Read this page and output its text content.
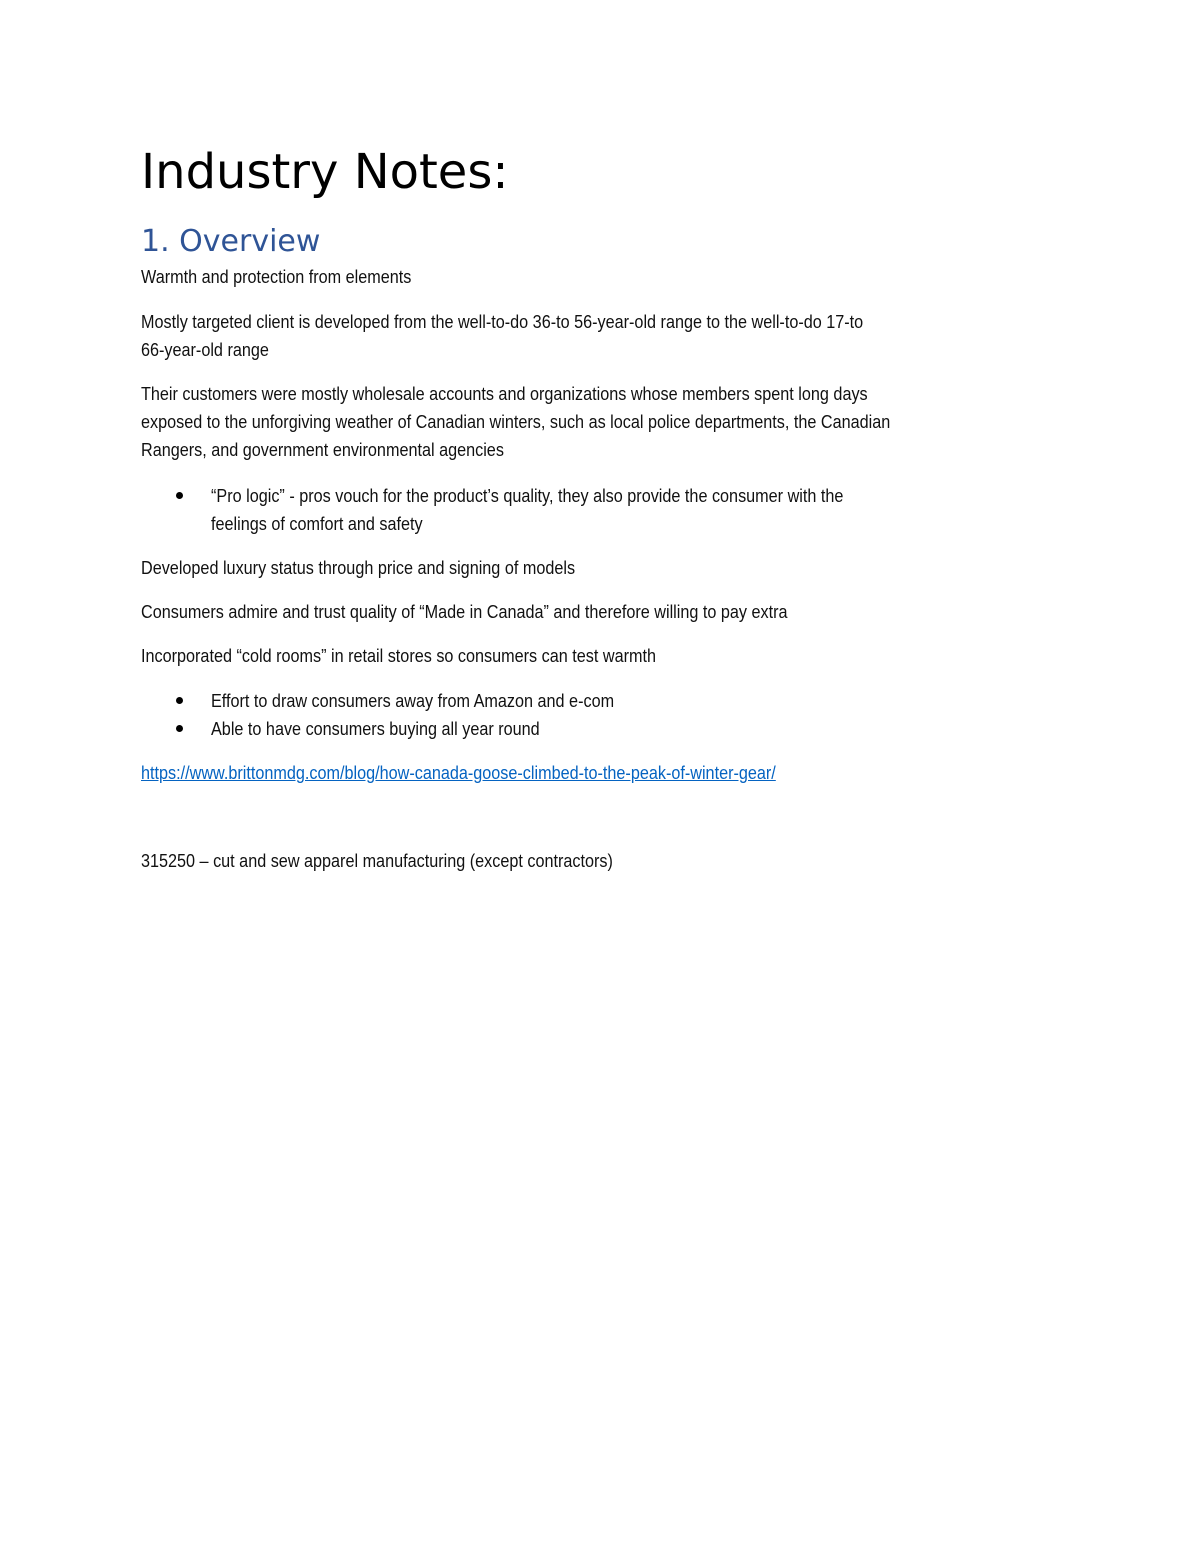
Industry Notes:
1. Overview
Warmth and protection from elements
Mostly targeted client is developed from the well-to-do 36-to 56-year-old range to the well-to-do 17-to
66-year-old range
Their customers were mostly wholesale accounts and organizations whose members spent long days
exposed to the unforgiving weather of Canadian winters, such as local police departments, the Canadian
Rangers, and government environmental agencies
“Pro logic” - pros vouch for the product’s quality, they also provide the consumer with the
feelings of comfort and safety
Developed luxury status through price and signing of models
Consumers admire and trust quality of “Made in Canada” and therefore willing to pay extra
Incorporated “cold rooms” in retail stores so consumers can test warmth
Effort to draw consumers away from Amazon and e-com
Able to have consumers buying all year round
https://www.brittonmdg.com/blog/how-canada-goose-climbed-to-the-peak-of-winter-gear/
315250 – cut and sew apparel manufacturing (except contractors)
